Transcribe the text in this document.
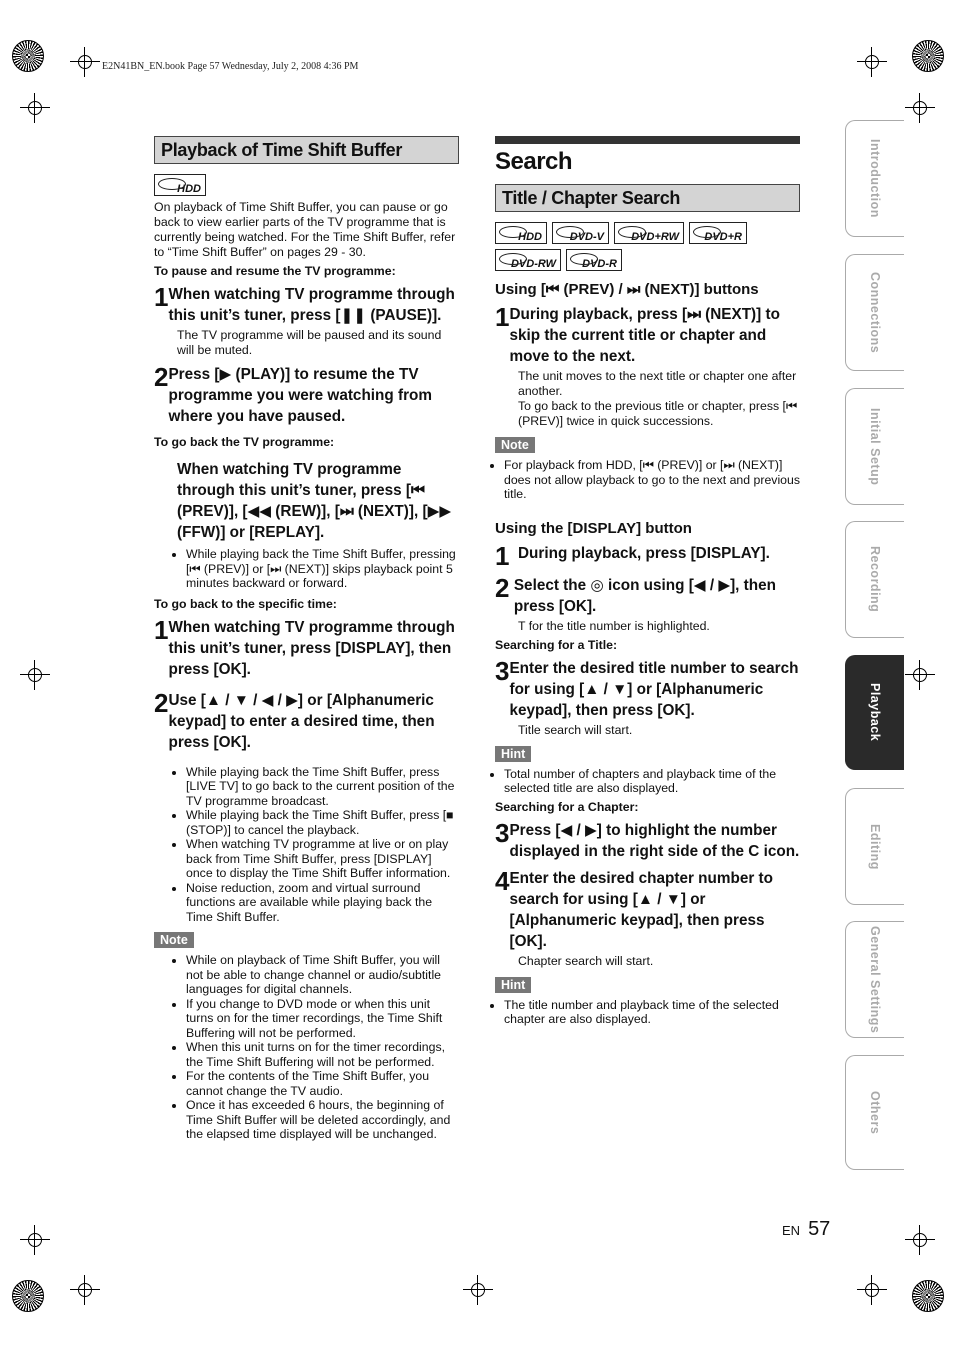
E2N41BN_EN.book Page 57 Wednesday, July 2, 2008 4:36 PM
Playback of Time Shift Buffer
HDD
On playback of Time Shift Buffer, you can pause or go back to view earlier parts of the TV programme that is currently being watched. For the Time Shift Buffer, refer to “Time Shift Buffer” on pages 29 - 30.
To pause and resume the TV programme:
1 When watching TV programme through this unit’s tuner, press [❚❚ (PAUSE)].
The TV programme will be paused and its sound will be muted.
2 Press [▶ (PLAY)] to resume the TV programme you were watching from where you have paused.
To go back the TV programme:
When watching TV programme through this unit’s tuner, press [⏮ (PREV)], [◀◀ (REW)], [⏭ (NEXT)], [▶▶ (FFW)] or [REPLAY].
• While playing back the Time Shift Buffer, pressing [⏮ (PREV)] or [⏭ (NEXT)] skips playback point 5 minutes backward or forward.
To go back to the specific time:
1 When watching TV programme through this unit’s tuner, press [DISPLAY], then press [OK].
2 Use [▲ / ▼ / ◀ / ▶] or [Alphanumeric keypad] to enter a desired time, then press [OK].
• While playing back the Time Shift Buffer, press [LIVE TV] to go back to the current position of the TV programme broadcast.
• While playing back the Time Shift Buffer, press [■ (STOP)] to cancel the playback.
• When watching TV programme at live or on play back from Time Shift Buffer, press [DISPLAY] once to display the Time Shift Buffer information.
• Noise reduction, zoom and virtual surround functions are available while playing back the Time Shift Buffer.
Note
• While on playback of Time Shift Buffer, you will not be able to change channel or audio/subtitle languages for digital channels.
• If you change to DVD mode or when this unit turns on for the timer recordings, the Time Shift Buffering will not be performed.
• When this unit turns on for the timer recordings, the Time Shift Buffering will not be performed.
• For the contents of the Time Shift Buffer, you cannot change the TV audio.
• Once it has exceeded 6 hours, the beginning of Time Shift Buffer will be deleted accordingly, and the elapsed time displayed will be unchanged.
Search
Title / Chapter Search
HDD	DVD-V	DVD+RW	DVD+R
DVD-RW	DVD-R
Using [⏮ (PREV) / ⏭ (NEXT)] buttons
1 During playback, press [⏭ (NEXT)] to skip the current title or chapter and move to the next.
The unit moves to the next title or chapter one after another.
To go back to the previous title or chapter, press [⏮ (PREV)] twice in quick successions.
Note
• For playback from HDD, [⏮ (PREV)] or [⏭ (NEXT)] does not allow playback to go to the next and previous title.
Using the [DISPLAY] button
1 During playback, press [DISPLAY].
2 Select the ◎ icon using [◀ / ▶], then press [OK].
T for the title number is highlighted.
Searching for a Title:
3 Enter the desired title number to search for using [▲ / ▼] or [Alphanumeric keypad], then press [OK].
Title search will start.
Hint
• Total number of chapters and playback time of the selected title are also displayed.
Searching for a Chapter:
3 Press [◀ / ▶] to highlight the number displayed in the right side of the C icon.
4 Enter the desired chapter number to search for using [▲ / ▼] or [Alphanumeric keypad], then press [OK].
Chapter search will start.
Hint
• The title number and playback time of the selected chapter are also displayed.
Introduction
Connections
Initial Setup
Recording
Playback
Editing
General Settings
Others
EN 57
